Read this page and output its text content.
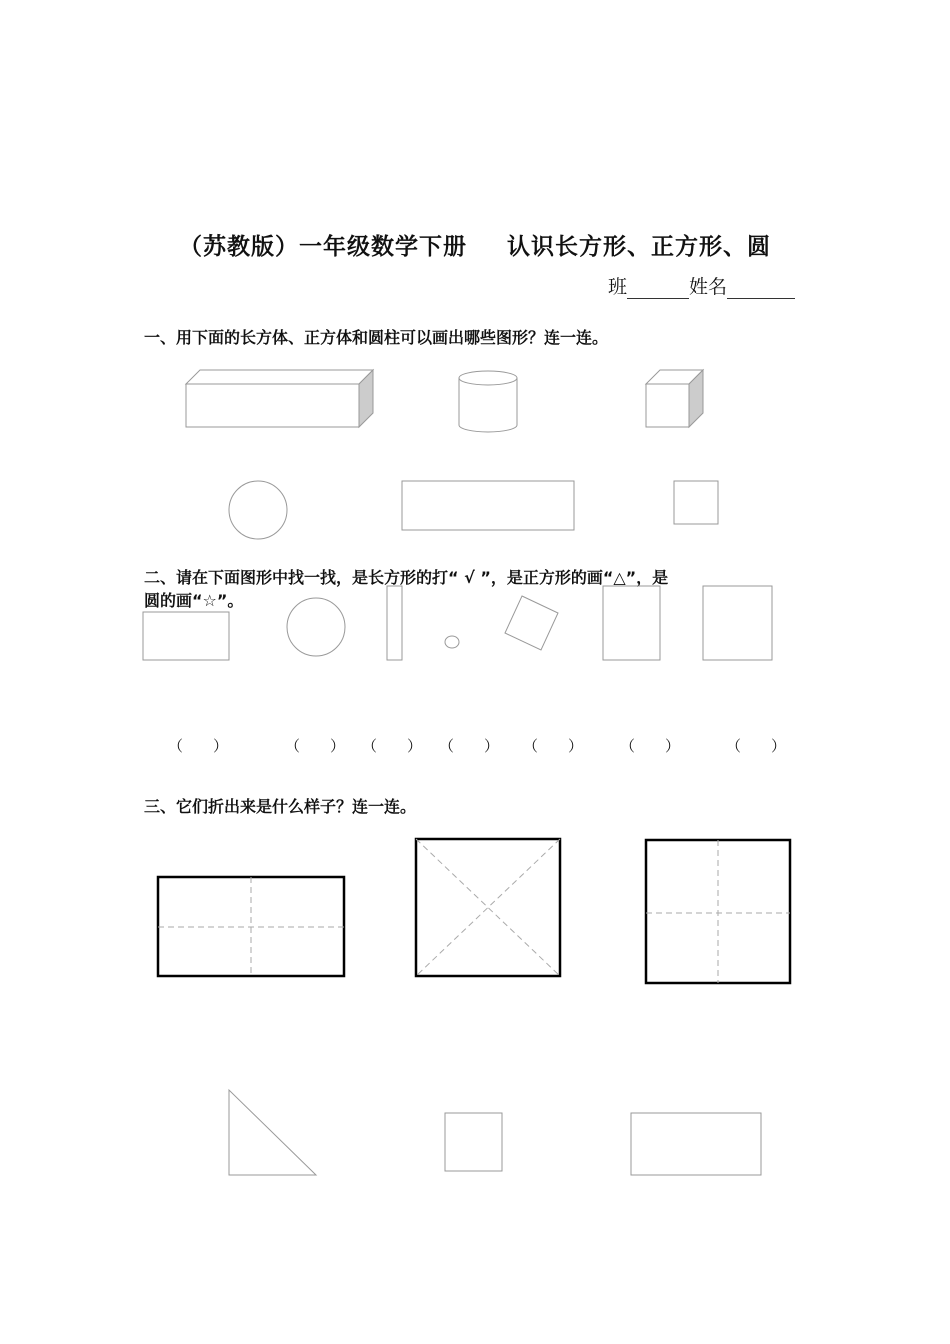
（苏教版）一年级数学下册 认识长方形、正方形、圆
班	姓名
一、用下面的长方体、正方体和圆柱可以画出哪些图形？连一连。
二、请在下面图形中找一找，是长方形的打“ √ ”，是正方形的画“△”，是
圆的画“☆”。
（　　）	（　　） （　　） （　　） （　　） （　　）	（　　）
三、它们折出来是什么样子？连一连。
